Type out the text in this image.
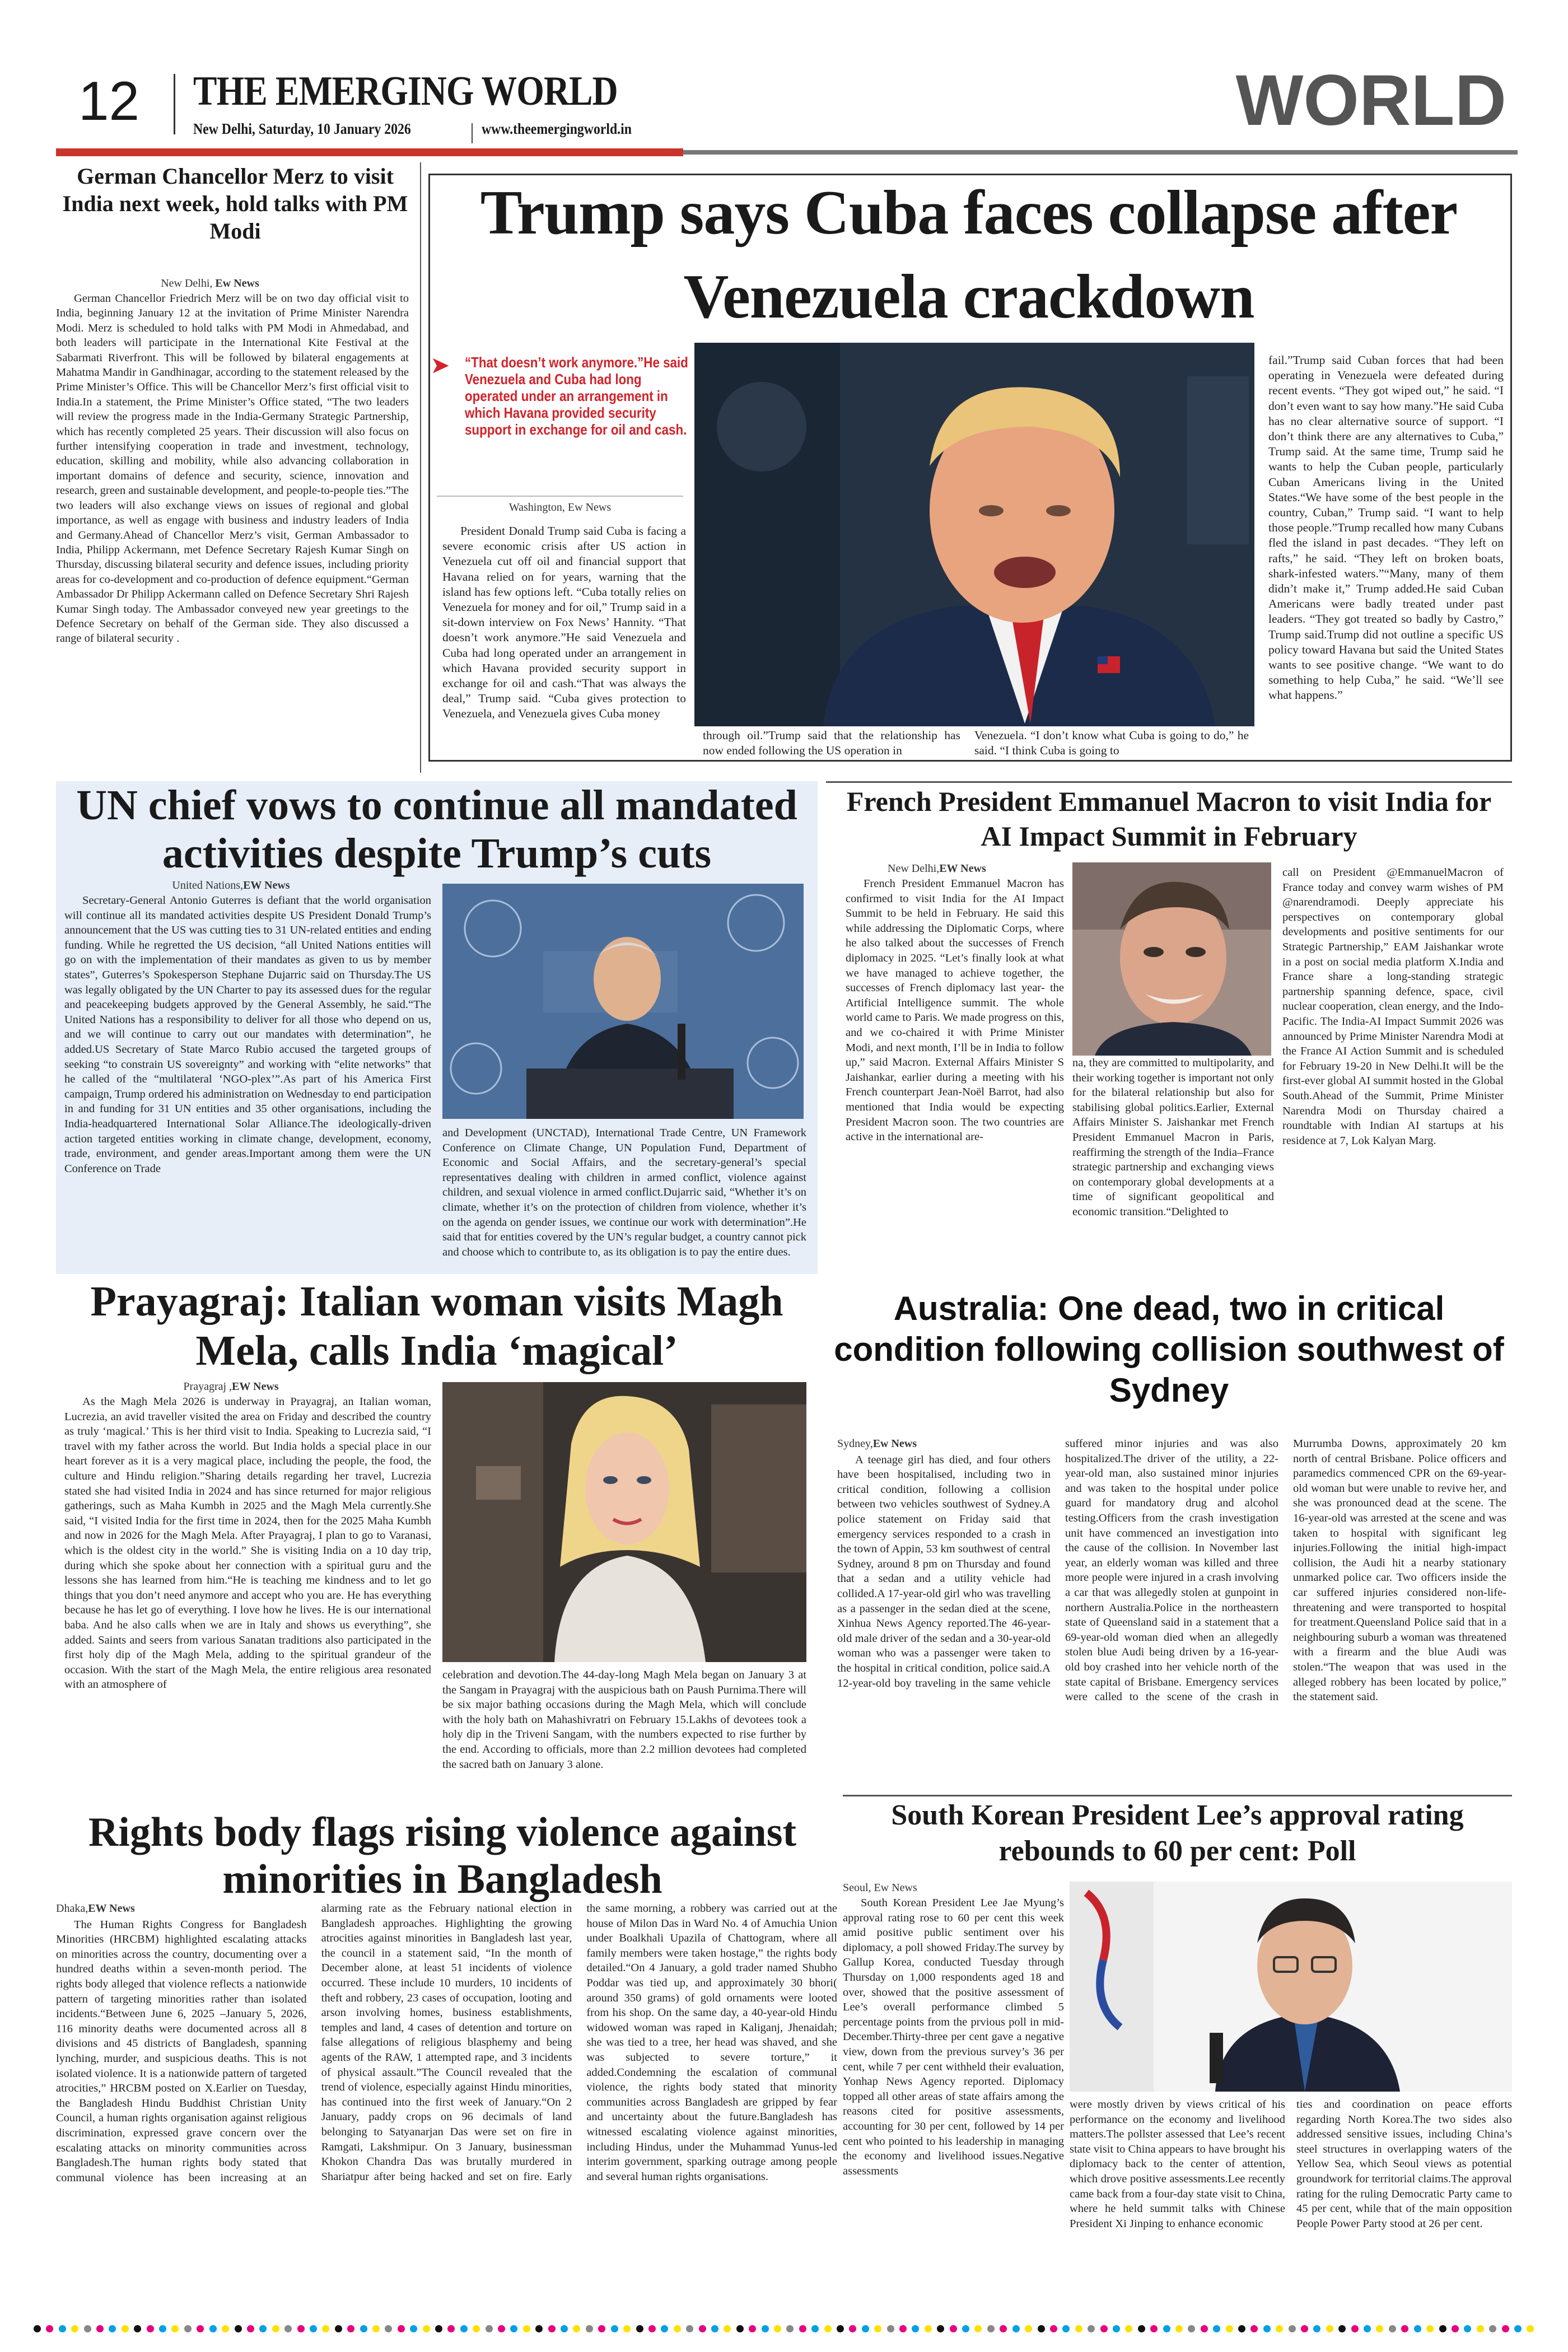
12 THE EMERGING WORLD
New Delhi, Saturday, 10 January 2026	www.theemergingworld.in	WORLD
German Chancellor Merz to visit India next week, hold talks with PM Modi
New Delhi, Ew News

German Chancellor Friedrich Merz will be on two day official visit to India, beginning January 12 at the invitation of Prime Minister Narendra Modi. Merz is scheduled to hold talks with PM Modi in Ahmedabad, and both leaders will participate in the International Kite Festival at the Sabarmati Riverfront. This will be followed by bilateral engagements at Mahatma Mandir in Gandhinagar, according to the statement released by the Prime Minister’s Office. This will be Chancellor Merz’s first official visit to India.In a statement, the Prime Minister’s Office stated, “The two leaders will review the progress made in the India-Germany Strategic Partnership, which has recently completed 25 years. Their discussion will also focus on further intensifying cooperation in trade and investment, technology, education, skilling and mobility, while also advancing collaboration in important domains of defence and security, science, innovation and research, green and sustainable development, and people-to-people ties.”The two leaders will also exchange views on issues of regional and global importance, as well as engage with business and industry leaders of India and Germany.Ahead of Chancellor Merz’s visit, German Ambassador to India, Philipp Ackermann, met Defence Secretary Rajesh Kumar Singh on Thursday, discussing bilateral security and defence issues, including priority areas for co-development and co-production of defence equipment.“German Ambassador Dr Philipp Ackermann called on Defence Secretary Shri Rajesh Kumar Singh today. The Ambassador conveyed new year greetings to the Defence Secretary on behalf of the German side. They also discussed a range of bilateral security .

Trump says Cuba faces collapse after Venezuela crackdown
➤ “That doesn’t work anymore.”He said Venezuela and Cuba had long operated under an arrangement in which Havana provided security support in exchange for oil and cash.
Washington, Ew News

President Donald Trump said Cuba is facing a severe economic crisis after US action in Venezuela cut off oil and financial support that Havana relied on for years, warning that the island has few options left. “Cuba totally relies on Venezuela for money and for oil,” Trump said in a sit-down interview on Fox News’ Hannity. “That doesn’t work anymore.”He said Venezuela and Cuba had long operated under an arrangement in which Havana provided security support in exchange for oil and cash.“That was always the deal,” Trump said. “Cuba gives protection to Venezuela, and Venezuela gives Cuba money

through oil.”Trump said that the relationship has now ended following the US operation in

Venezuela. “I don’t know what Cuba is going to do,” he said. “I think Cuba is going to

fail.”Trump said Cuban forces that had been operating in Venezuela were defeated during recent events. “They got wiped out,” he said. “I don’t even want to say how many.”He said Cuba has no clear alternative source of support. “I don’t think there are any alternatives to Cuba,” Trump said. At the same time, Trump said he wants to help the Cuban people, particularly Cuban Americans living in the United States.“We have some of the best people in the country, Cuban,” Trump said. “I want to help those people.”Trump recalled how many Cubans fled the island in past decades. “They left on rafts,” he said. “They left on broken boats, shark-infested waters.”“Many, many of them didn’t make it,” Trump added.He said Cuban Americans were badly treated under past leaders. “They got treated so badly by Castro,” Trump said.Trump did not outline a specific US policy toward Havana but said the United States wants to see positive change. “We want to do something to help Cuba,” he said. “We’ll see what happens.”

UN chief vows to continue all mandated activities despite Trump’s cuts
United Nations,EW News

Secretary-General Antonio Guterres is defiant that the world organisation will continue all its mandated activities despite US President Donald Trump’s announcement that the US was cutting ties to 31 UN-related entities and ending funding. While he regretted the US decision, “all United Nations entities will go on with the implementation of their mandates as given to us by member states”, Guterres’s Spokesperson Stephane Dujarric said on Thursday.The US was legally obligated by the UN Charter to pay its assessed dues for the regular and peacekeeping budgets approved by the General Assembly, he said.“The United Nations has a responsibility to deliver for all those who depend on us, and we will continue to carry out our mandates with determination”, he added.US Secretary of State Marco Rubio accused the targeted groups of seeking “to constrain US sovereignty” and working with “elite networks” that he called of the “multilateral ‘NGO-plex’”.As part of his America First campaign, Trump ordered his administration on Wednesday to end participation in and funding for 31 UN entities and 35 other organisations, including the India-headquartered International Solar Alliance.The ideologically-driven action targeted entities working in climate change, development, economy, trade, environment, and gender areas.Important among them were the UN Conference on Trade

and Development (UNCTAD), International Trade Centre, UN Framework Conference on Climate Change, UN Population Fund, Department of Economic and Social Affairs, and the secretary-general’s special representatives dealing with children in armed conflict, violence against children, and sexual violence in armed conflict.Dujarric said, “Whether it’s on climate, whether it’s on the protection of children from violence, whether it’s on the agenda on gender issues, we continue our work with determination”.He said that for entities covered by the UN’s regular budget, a country cannot pick and choose which to contribute to, as its obligation is to pay the entire dues.

French President Emmanuel Macron to visit India for AI Impact Summit in February
New Delhi,EW News

French President Emmanuel Macron has confirmed to visit India for the AI Impact Summit to be held in February. He said this while addressing the Diplomatic Corps, where he also talked about the successes of French diplomacy in 2025. “Let’s finally look at what we have managed to achieve together, the successes of French diplomacy last year- the Artificial Intelligence summit. The whole world came to Paris. We made progress on this, and we co-chaired it with Prime Minister Modi, and next month, I’ll be in India to follow up,” said Macron. External Affairs Minister S Jaishankar, earlier during a meeting with his French counterpart Jean-Noël Barrot, had also mentioned that India would be expecting President Macron soon. The two countries are active in the international are-

na, they are committed to multipolarity, and their working together is important not only for the bilateral relationship but also for stabilising global politics.Earlier, External Affairs Minister S. Jaishankar met French President Emmanuel Macron in Paris, reaffirming the strength of the India–France strategic partnership and exchanging views on contemporary global developments at a time of significant geopolitical and economic transition.“Delighted to

call on President @EmmanuelMacron of France today and convey warm wishes of PM @narendramodi. Deeply appreciate his perspectives on contemporary global developments and positive sentiments for our Strategic Partnership,” EAM Jaishankar wrote in a post on social media platform X.India and France share a long-standing strategic partnership spanning defence, space, civil nuclear cooperation, clean energy, and the Indo-Pacific. The India-AI Impact Summit 2026 was announced by Prime Minister Narendra Modi at the France AI Action Summit and is scheduled for February 19-20 in New Delhi.It will be the first-ever global AI summit hosted in the Global South.Ahead of the Summit, Prime Minister Narendra Modi on Thursday chaired a roundtable with Indian AI startups at his residence at 7, Lok Kalyan Marg.

Prayagraj: Italian woman visits Magh Mela, calls India ‘magical’
Prayagraj ,EW News

As the Magh Mela 2026 is underway in Prayagraj, an Italian woman, Lucrezia, an avid traveller visited the area on Friday and described the country as truly ‘magical.’ This is her third visit to India. Speaking to Lucrezia said, “I travel with my father across the world. But India holds a special place in our heart forever as it is a very magical place, including the people, the food, the culture and Hindu religion.”Sharing details regarding her travel, Lucrezia stated she had visited India in 2024 and has since returned for major religious gatherings, such as Maha Kumbh in 2025 and the Magh Mela currently.She said, “I visited India for the first time in 2024, then for the 2025 Maha Kumbh and now in 2026 for the Magh Mela. After Prayagraj, I plan to go to Varanasi, which is the oldest city in the world.” She is visiting India on a 10 day trip, during which she spoke about her connection with a spiritual guru and the lessons she has learned from him.“He is teaching me kindness and to let go things that you don’t need anymore and accept who you are. He has everything because he has let go of everything. I love how he lives. He is our international baba. And he also calls when we are in Italy and shows us everything”, she added. Saints and seers from various Sanatan traditions also participated in the first holy dip of the Magh Mela, adding to the spiritual grandeur of the occasion. With the start of the Magh Mela, the entire religious area resonated with an atmosphere of

celebration and devotion.The 44-day-long Magh Mela began on January 3 at the Sangam in Prayagraj with the auspicious bath on Paush Purnima.There will be six major bathing occasions during the Magh Mela, which will conclude with the holy bath on Mahashivratri on February 15.Lakhs of devotees took a holy dip in the Triveni Sangam, with the numbers expected to rise further by the end. According to officials, more than 2.2 million devotees had completed the sacred bath on January 3 alone.

Australia: One dead, two in critical condition following collision southwest of Sydney
Sydney,Ew News

A teenage girl has died, and four others have been hospitalised, including two in critical condition, following a collision between two vehicles southwest of Sydney.A police statement on Friday said that emergency services responded to a crash in the town of Appin, 53 km southwest of central Sydney, around 8 pm on Thursday and found that a sedan and a utility vehicle had collided.A 17-year-old girl who was travelling as a passenger in the sedan died at the scene, Xinhua News Agency reported.The 46-year-old male driver of the sedan and a 30-year-old woman who was a passenger were taken to the hospital in critical condition, police said.A 12-year-old boy traveling in the same vehicle suffered minor injuries and was also hospitalized.The driver of the utility, a 22-year-old man, also sustained minor injuries and was taken to the hospital under police guard for mandatory drug and alcohol testing.Officers from the crash investigation unit have commenced an investigation into the cause of the collision. In November last year, an elderly woman was killed and three more people were injured in a crash involving a car that was allegedly stolen at gunpoint in northern Australia.Police in the northeastern state of Queensland said in a statement that a 69-year-old woman died when an allegedly stolen blue Audi being driven by a 16-year-old boy crashed into her vehicle north of the state capital of Brisbane. Emergency services were called to the scene of the crash in Murrumba Downs, approximately 20 km north of central Brisbane. Police officers and paramedics commenced CPR on the 69-year-old woman but were unable to revive her, and she was pronounced dead at the scene. The 16-year-old was arrested at the scene and was taken to hospital with significant leg injuries.Following the initial high-impact collision, the Audi hit a nearby stationary unmarked police car. Two officers inside the car suffered injuries considered non-life-threatening and were transported to hospital for treatment.Queensland Police said that in a neighbouring suburb a woman was threatened with a firearm and the blue Audi was stolen.“The weapon that was used in the alleged robbery has been located by police,” the statement said.

Rights body flags rising violence against minorities in Bangladesh
Dhaka,EW News

The Human Rights Congress for Bangladesh Minorities (HRCBM) highlighted escalating attacks on minorities across the country, documenting over a hundred deaths within a seven-month period. The rights body alleged that violence reflects a nationwide pattern of targeting minorities rather than isolated incidents.“Between June 6, 2025 –January 5, 2026, 116 minority deaths were documented across all 8 divisions and 45 districts of Bangladesh, spanning lynching, murder, and suspicious deaths. This is not isolated violence. It is a nationwide pattern of targeted atrocities,” HRCBM posted on X.Earlier on Tuesday, the Bangladesh Hindu Buddhist Christian Unity Council, a human rights organisation against religious discrimination, expressed grave concern over the escalating attacks on minority communities across Bangladesh.The human rights body stated that communal violence has been increasing at an alarming rate as the February national election in Bangladesh approaches. Highlighting the growing atrocities against minorities in Bangladesh last year, the council in a statement said, “In the month of December alone, at least 51 incidents of violence occurred. These include 10 murders, 10 incidents of theft and robbery, 23 cases of occupation, looting and arson involving homes, business establishments, temples and land, 4 cases of detention and torture on false allegations of religious blasphemy and being agents of the RAW, 1 attempted rape, and 3 incidents of physical assault.”The Council revealed that the trend of violence, especially against Hindu minorities, has continued into the first week of January.“On 2 January, paddy crops on 96 decimals of land belonging to Satyanarjan Das were set on fire in Ramgati, Lakshmipur. On 3 January, businessman Khokon Chandra Das was brutally murdered in Shariatpur after being hacked and set on fire. Early the same morning, a robbery was carried out at the house of Milon Das in Ward No. 4 of Amuchia Union under Boalkhali Upazila of Chattogram, where all family members were taken hostage,” the rights body detailed.“On 4 January, a gold trader named Shubho Poddar was tied up, and approximately 30 bhori( around 350 grams) of gold ornaments were looted from his shop. On the same day, a 40-year-old Hindu widowed woman was raped in Kaliganj, Jhenaidah; she was tied to a tree, her head was shaved, and she was subjected to severe torture,” it added.Condemning the escalation of communal violence, the rights body stated that minority communities across Bangladesh are gripped by fear and uncertainty about the future.Bangladesh has witnessed escalating violence against minorities, including Hindus, under the Muhammad Yunus-led interim government, sparking outrage among people and several human rights organisations.

South Korean President Lee’s approval rating rebounds to 60 per cent: Poll
Seoul, Ew News

South Korean President Lee Jae Myung’s approval rating rose to 60 per cent this week amid positive public sentiment over his diplomacy, a poll showed Friday.The survey by Gallup Korea, conducted Tuesday through Thursday on 1,000 respondents aged 18 and over, showed that the positive assessment of Lee’s overall performance climbed 5 percentage points from the prvious poll in mid-December.Thirty-three per cent gave a negative view, down from the previous survey’s 36 per cent, while 7 per cent withheld their evaluation, Yonhap News Agency reported. Diplomacy topped all other areas of state affairs among the reasons cited for positive assessments, accounting for 30 per cent, followed by 14 per cent who pointed to his leadership in managing the economy and livelihood issues.Negative assessments

were mostly driven by views critical of his performance on the economy and livelihood matters.The pollster assessed that Lee’s recent state visit to China appears to have brought his diplomacy back to the center of attention, which drove positive assessments.Lee recently came back from a four-day state visit to China, where he held summit talks with Chinese President Xi Jinping to enhance economic

ties and coordination on peace efforts regarding North Korea.The two sides also addressed sensitive issues, including China’s steel structures in overlapping waters of the Yellow Sea, which Seoul views as potential groundwork for territorial claims.The approval rating for the ruling Democratic Party came to 45 per cent, while that of the main opposition People Power Party stood at 26 per cent.
